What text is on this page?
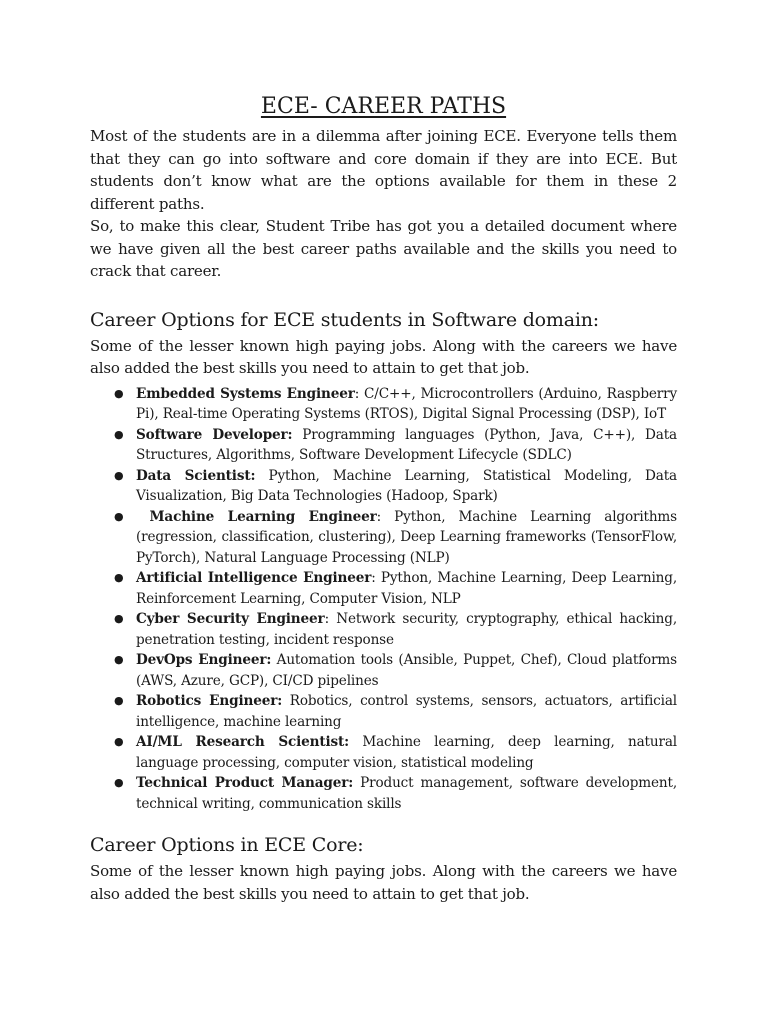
ECE- CAREER PATHS

Most of the students are in a dilemma after joining ECE. Everyone tells them that they can go into software and core domain if they are into ECE. But students don’t know what are the options available for them in these 2 different paths.

So, to make this clear, Student Tribe has got you a detailed document where we have given all the best career paths available and the skills you need to crack that career.

Career Options for ECE students in Software domain:

Some of the lesser known high paying jobs. Along with the careers we have also added the best skills you need to attain to get that job.

● Embedded Systems Engineer: C/C++, Microcontrollers (Arduino, Raspberry Pi), Real-time Operating Systems (RTOS), Digital Signal Processing (DSP), IoT
● Software Developer: Programming languages (Python, Java, C++), Data Structures, Algorithms, Software Development Lifecycle (SDLC)
● Data Scientist: Python, Machine Learning, Statistical Modeling, Data Visualization, Big Data Technologies (Hadoop, Spark)
● Machine Learning Engineer: Python, Machine Learning algorithms (regression, classification, clustering), Deep Learning frameworks (TensorFlow, PyTorch), Natural Language Processing (NLP)
● Artificial Intelligence Engineer: Python, Machine Learning, Deep Learning, Reinforcement Learning, Computer Vision, NLP
● Cyber Security Engineer: Network security, cryptography, ethical hacking, penetration testing, incident response
● DevOps Engineer: Automation tools (Ansible, Puppet, Chef), Cloud platforms (AWS, Azure, GCP), CI/CD pipelines
● Robotics Engineer: Robotics, control systems, sensors, actuators, artificial intelligence, machine learning
● AI/ML Research Scientist: Machine learning, deep learning, natural language processing, computer vision, statistical modeling
● Technical Product Manager: Product management, software development, technical writing, communication skills
Career Options in ECE Core:

Some of the lesser known high paying jobs. Along with the careers we have also added the best skills you need to attain to get that job.
